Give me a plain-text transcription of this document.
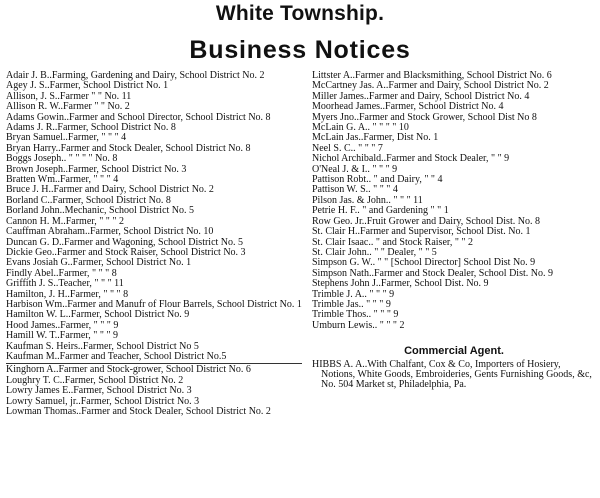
White Township.
Business Notices
Adair J. B..Farming, Gardening and Dairy, School District No. 2
Agey J. S..Farmer, School District No. 1
Allison, J. S..Farmer " " No. 11
Allison R. W..Farmer " " No. 2
Adams Gowin..Farmer and School Director, School District No. 8
Adams J. R..Farmer, School District No. 8
Bryan Samuel..Farmer, " " " 4
Bryan Harry..Farmer and Stock Dealer, School District No. 8
Boggs Joseph.. " " " " No. 8
Brown Joseph..Farmer, School District No. 3
Bratten Wm..Farmer, " " " 4
Bruce J. H..Farmer and Dairy, School District No. 2
Borland C..Farmer, School District No. 8
Borland John..Mechanic, School District No. 5
Cannon H. M..Farmer, " " " 2
Cauffman Abraham..Farmer, School District No. 10
Duncan G. D..Farmer and Wagoning, School District No. 5
Dickie Geo..Farmer and Stock Raiser, School District No. 3
Evans Josiah G..Farmer, School District No. 1
Findly Abel..Farmer, " " " 8
Griffith J. S..Teacher, " " " 11
Hamilton, J. H..Farmer, " " " 8
Harbison Wm..Farmer and Manufr of Flour Barrels, School District No. 1
Hamilton W. L..Farmer, School District No. 9
Hood James..Farmer, " " " 9
Hamill W. T..Farmer, " " " 9
Kaufman S. Heirs..Farmer, School District No 5
Kaufman M..Farmer and Teacher, School District No.5
Kinghorn A..Farmer and Stock-grower, School District No. 6
Loughry T. C..Farmer, School District No. 2
Lowry James E..Farmer, School District No. 3
Lowry Samuel, jr..Farmer, School District No. 3
Lowman Thomas..Farmer and Stock Dealer, School District No. 2
Littster A..Farmer and Blacksmithing, School District No. 6
McCartney Jas. A..Farmer and Dairy, School District No. 2
Miller James..Farmer and Dairy, School District No. 4
Moorhead James..Farmer, School District No. 4
Myers Jno..Farmer and Stock Grower, School Dist No 8
McLain G. A.. " " " " 10
McLain Jas..Farmer, Dist No. 1
Neel S. C.. " " " 7
Nichol Archibald..Farmer and Stock Dealer, " " 9
O'Neal J. & I.. " " " 9
Pattison Robt.. " and Dairy, " " 4
Pattison W. S.. " " " 4
Pilson Jas. & John.. " " " 11
Petrie H. F.. " and Gardening " " 1
Row Geo. Jr..Fruit Grower and Dairy, School Dist. No. 8
St. Clair H..Farmer and Supervisor, School Dist. No. 1
St. Clair Isaac.. " and Stock Raiser, " " 2
St. Clair John.. " " Dealer, " " 5
Simpson G. W.. " " [School Director] School Dist No. 9
Simpson Nath..Farmer and Stock Dealer, School Dist. No. 9
Stephens John J..Farmer, School Dist. No. 9
Trimble J. A.. " " " 9
Trimble Jas.. " " " 9
Trimble Thos.. " " " 9
Umburn Lewis.. " " " 2
Commercial Agent.
HIBBS A. A..With Chalfant, Cox & Co, Importers of Hosiery, Notions, White Goods, Embroideries, Gents Furnishing Goods, &c, No. 504 Market st, Philadelphia, Pa.
